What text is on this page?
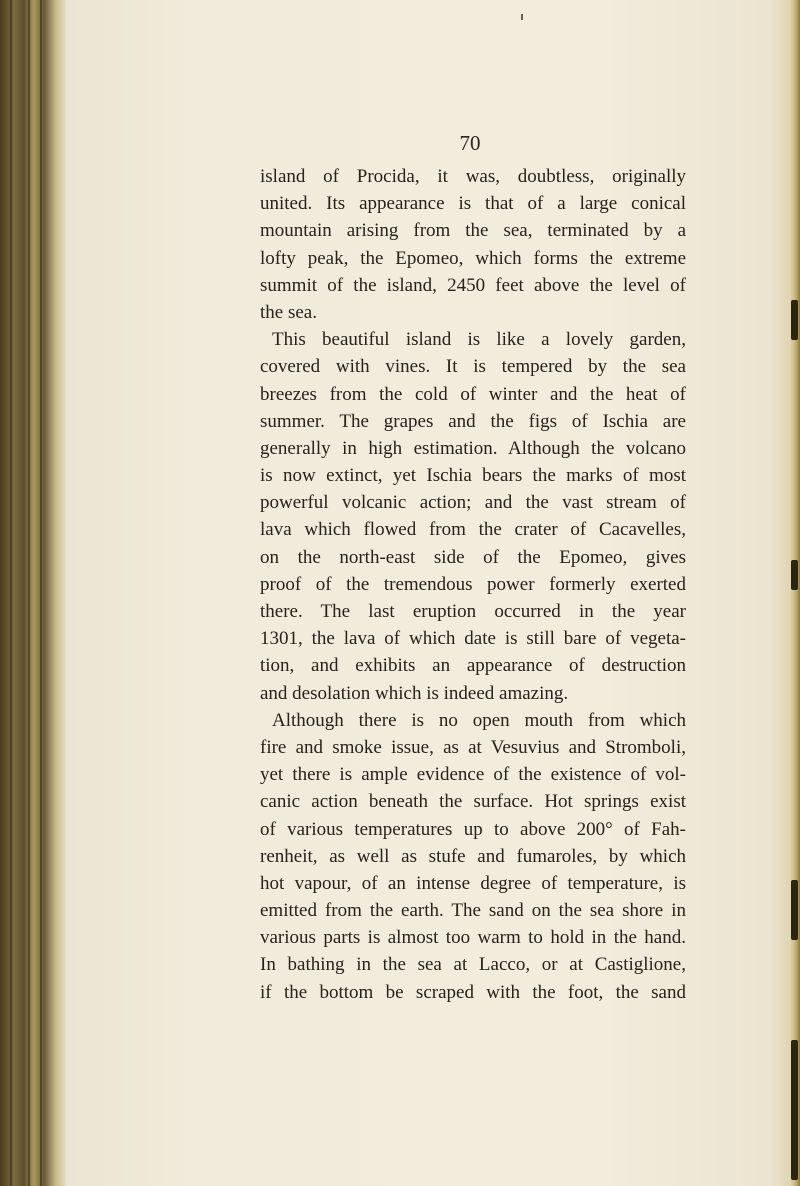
70
island of Procida, it was, doubtless, originally
united. Its appearance is that of a large conical
mountain arising from the sea, terminated by a
lofty peak, the Epomeo, which forms the extreme
summit of the island, 2450 feet above the level of
the sea.
This beautiful island is like a lovely garden,
covered with vines. It is tempered by the sea
breezes from the cold of winter and the heat of
summer. The grapes and the figs of Ischia are
generally in high estimation. Although the volcano
is now extinct, yet Ischia bears the marks of most
powerful volcanic action; and the vast stream of
lava which flowed from the crater of Cacavelles,
on the north-east side of the Epomeo, gives
proof of the tremendous power formerly exerted
there. The last eruption occurred in the year
1301, the lava of which date is still bare of vegeta-
tion, and exhibits an appearance of destruction
and desolation which is indeed amazing.
Although there is no open mouth from which
fire and smoke issue, as at Vesuvius and Stromboli,
yet there is ample evidence of the existence of vol-
canic action beneath the surface. Hot springs exist
of various temperatures up to above 200° of Fah-
renheit, as well as stufe and fumaroles, by which
hot vapour, of an intense degree of temperature, is
emitted from the earth. The sand on the sea shore in
various parts is almost too warm to hold in the hand.
In bathing in the sea at Lacco, or at Castiglione,
if the bottom be scraped with the foot, the sand
